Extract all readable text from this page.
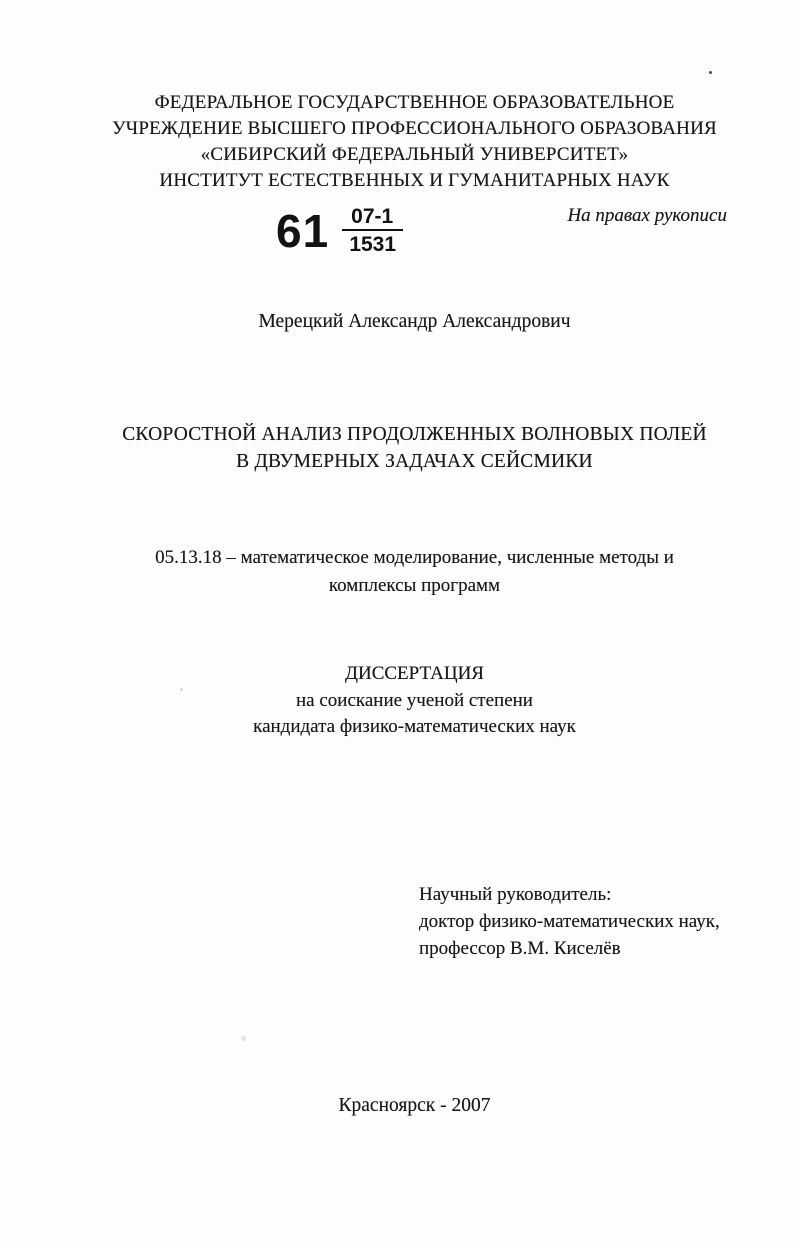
ФЕДЕРАЛЬНОЕ ГОСУДАРСТВЕННОЕ ОБРАЗОВАТЕЛЬНОЕ
УЧРЕЖДЕНИЕ ВЫСШЕГО ПРОФЕССИОНАЛЬНОГО ОБРАЗОВАНИЯ
«СИБИРСКИЙ ФЕДЕРАЛЬНЫЙ УНИВЕРСИТЕТ»
ИНСТИТУТ ЕСТЕСТВЕННЫХ И ГУМАНИТАРНЫХ НАУК
$61 \frac{07-1}{1531}$	На правах рукописи
Мерецкий Александр Александрович
СКОРОСТНОЙ АНАЛИЗ ПРОДОЛЖЕННЫХ ВОЛНОВЫХ ПОЛЕЙ
В ДВУМЕРНЫХ ЗАДАЧАХ СЕЙСМИКИ
05.13.18 – математическое моделирование, численные методы и
комплексы программ
ДИССЕРТАЦИЯ
на соискание ученой степени
кандидата физико-математических наук
Научный руководитель:
доктор физико-математических наук,
профессор В.М. Киселёв
Красноярск - 2007
